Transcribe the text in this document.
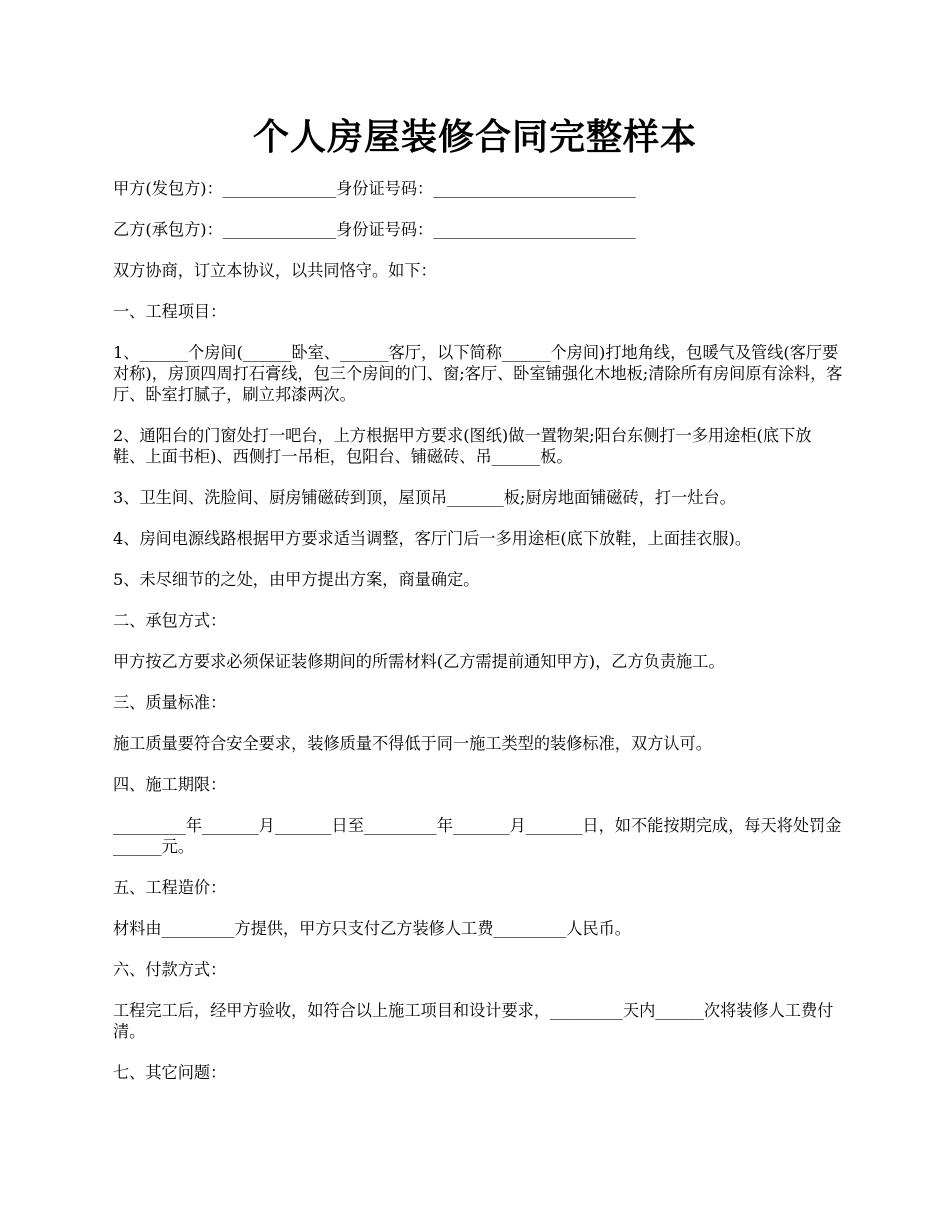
个人房屋装修合同完整样本

甲方(发包方)：______________身份证号码：_________________________

乙方(承包方)：______________身份证号码：_________________________

双方协商，订立本协议，以共同恪守。如下：

一、工程项目：

1、______个房间(______卧室、______客厅，以下简称______个房间)打地角线，包暖气及管线(客厅要对称)，房顶四周打石膏线，包三个房间的门、窗;客厅、卧室铺强化木地板;清除所有房间原有涂料，客厅、卧室打腻子，刷立邦漆两次。

2、通阳台的门窗处打一吧台，上方根据甲方要求(图纸)做一置物架;阳台东侧打一多用途柜(底下放鞋、上面书柜)、西侧打一吊柜，包阳台、铺磁砖、吊______板。

3、卫生间、洗脸间、厨房铺磁砖到顶，屋顶吊_______板;厨房地面铺磁砖，打一灶台。

4、房间电源线路根据甲方要求适当调整，客厅门后一多用途柜(底下放鞋，上面挂衣服)。

5、未尽细节的之处，由甲方提出方案，商量确定。

二、承包方式：

甲方按乙方要求必须保证装修期间的所需材料(乙方需提前通知甲方)，乙方负责施工。

三、质量标准：

施工质量要符合安全要求，装修质量不得低于同一施工类型的装修标准，双方认可。

四、施工期限：

_________年_______月_______日至_________年_______月_______日，如不能按期完成，每天将处罚金______元。

五、工程造价：

材料由_________方提供，甲方只支付乙方装修人工费_________人民币。

六、付款方式：

工程完工后，经甲方验收，如符合以上施工项目和设计要求，_________天内______次将装修人工费付清。

七、其它问题：
